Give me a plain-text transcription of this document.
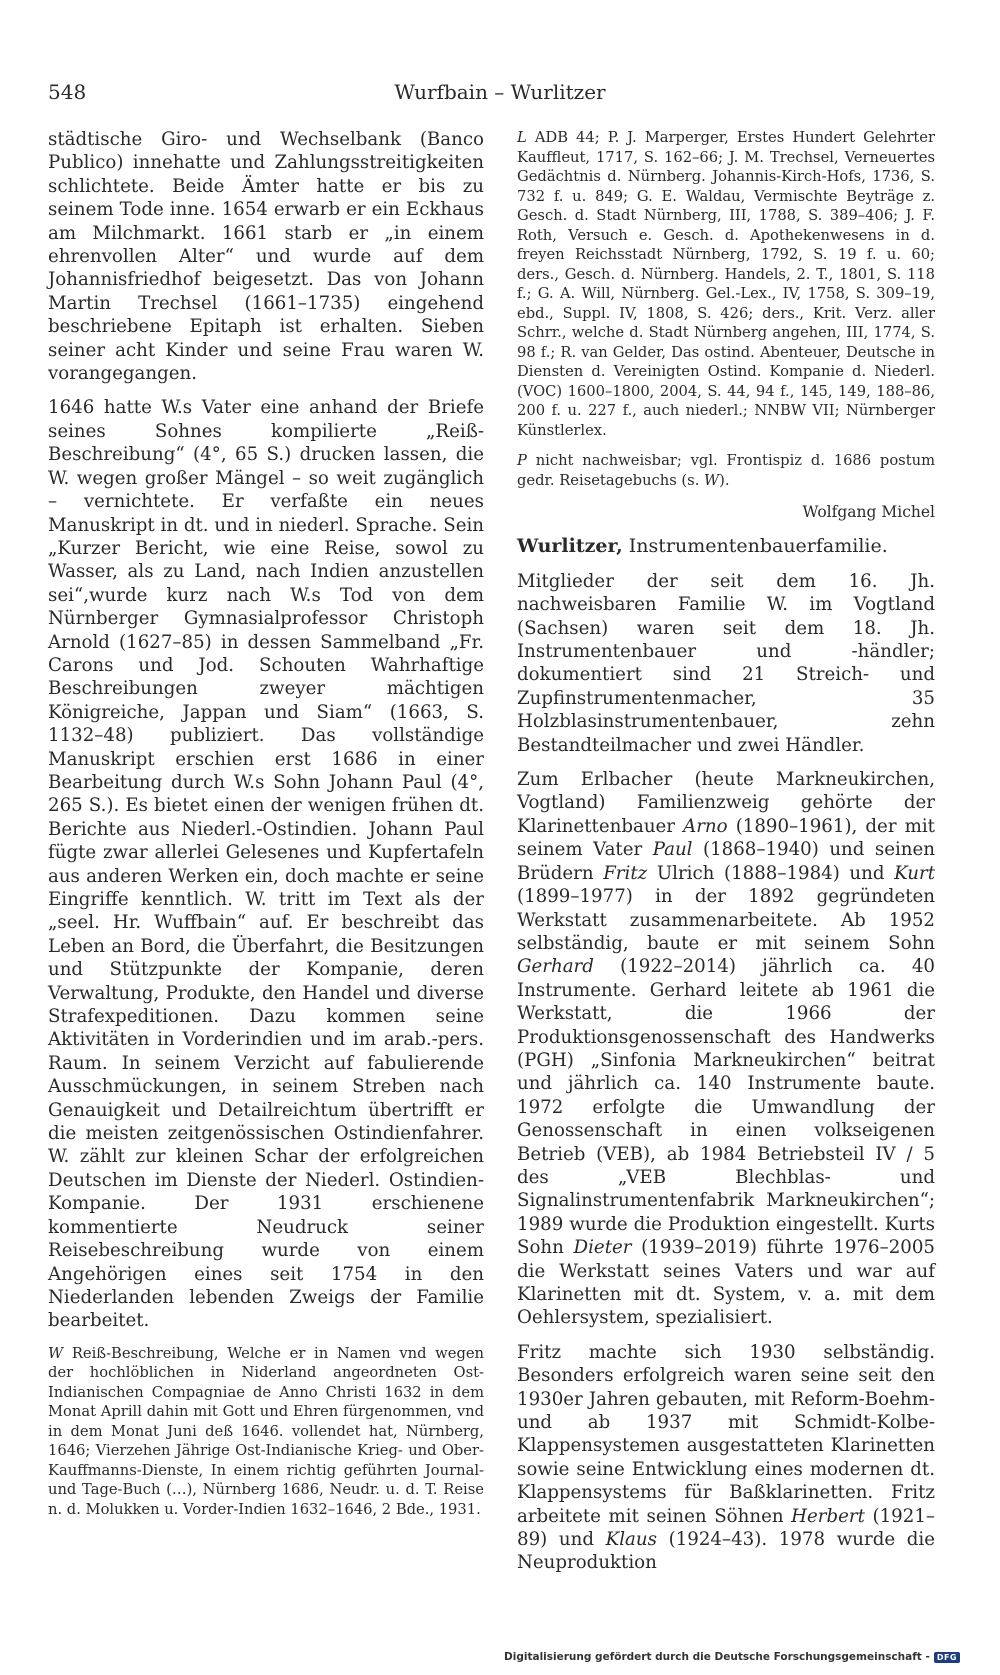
548	Wurfbain – Wurlitzer

städtische Giro- und Wechselbank (Banco Publico) innehatte und Zahlungsstreitigkeiten schlichtete. Beide Ämter hatte er bis zu seinem Tode inne. 1654 erwarb er ein Eckhaus am Milchmarkt. 1661 starb er „in einem ehrenvollen Alter“ und wurde auf dem Johannisfriedhof beigesetzt. Das von Johann Martin Trechsel (1661–1735) eingehend beschriebene Epitaph ist erhalten. Sieben seiner acht Kinder und seine Frau waren W. vorangegangen.

1646 hatte W.s Vater eine anhand der Briefe seines Sohnes kompilierte „Reiß-Beschreibung“ (4°, 65 S.) drucken lassen, die W. wegen großer Mängel – so weit zugänglich – vernichtete. Er verfaßte ein neues Manuskript in dt. und in niederl. Sprache. Sein „Kurzer Bericht, wie eine Reise, sowol zu Wasser, als zu Land, nach Indien anzustellen sei“,wurde kurz nach W.s Tod von dem Nürnberger Gymnasialprofessor Christoph Arnold (1627–85) in dessen Sammelband „Fr. Carons und Jod. Schouten Wahrhaftige Beschreibungen zweyer mächtigen Königreiche, Jappan und Siam“ (1663, S. 1132–48) publiziert. Das vollständige Manuskript erschien erst 1686 in einer Bearbeitung durch W.s Sohn Johann Paul (4°, 265 S.). Es bietet einen der wenigen frühen dt. Berichte aus Niederl.-Ostindien. Johann Paul fügte zwar allerlei Gelesenes und Kupfertafeln aus anderen Werken ein, doch machte er seine Eingriffe kenntlich. W. tritt im Text als der „seel. Hr. Wuffbain“ auf. Er beschreibt das Leben an Bord, die Überfahrt, die Besitzungen und Stützpunkte der Kompanie, deren Verwaltung, Produkte, den Handel und diverse Strafexpeditionen. Dazu kommen seine Aktivitäten in Vorderindien und im arab.-pers. Raum. In seinem Verzicht auf fabulierende Ausschmückungen, in seinem Streben nach Genauigkeit und Detailreichtum übertrifft er die meisten zeitgenössischen Ostindienfahrer. W. zählt zur kleinen Schar der erfolgreichen Deutschen im Dienste der Niederl. Ostindien-Kompanie. Der 1931 erschienene kommentierte Neudruck seiner Reisebeschreibung wurde von einem Angehörigen eines seit 1754 in den Niederlanden lebenden Zweigs der Familie bearbeitet.

W Reiß-Beschreibung, Welche er in Namen vnd wegen der hochlöblichen in Niderland angeordneten Ost-Indianischen Compagniae de Anno Christi 1632 in dem Monat Aprill dahin mit Gott und Ehren fürgenommen, vnd in dem Monat Juni deß 1646. vollendet hat, Nürnberg, 1646; Vierzehen Jährige Ost-Indianische Krieg- und Ober-Kauffmanns-Dienste, In einem richtig geführten Journal- und Tage-Buch (…), Nürnberg 1686, Neudr. u. d. T. Reise n. d. Molukken u. Vorder-Indien 1632–1646, 2 Bde., 1931.

L ADB 44; P. J. Marperger, Erstes Hundert Gelehrter Kauffleut, 1717, S. 162–66; J. M. Trechsel, Verneuertes Gedächtnis d. Nürnberg. Johannis-Kirch-Hofs, 1736, S. 732 f. u. 849; G. E. Waldau, Vermischte Beyträge z. Gesch. d. Stadt Nürnberg, III, 1788, S. 389–406; J. F. Roth, Versuch e. Gesch. d. Apothekenwesens in d. freyen Reichsstadt Nürnberg, 1792, S. 19 f. u. 60; ders., Gesch. d. Nürnberg. Handels, 2. T., 1801, S. 118 f.; G. A. Will, Nürnberg. Gel.-Lex., IV, 1758, S. 309–19, ebd., Suppl. IV, 1808, S. 426; ders., Krit. Verz. aller Schrr., welche d. Stadt Nürnberg angehen, III, 1774, S. 98 f.; R. van Gelder, Das ostind. Abenteuer, Deutsche in Diensten d. Vereinigten Ostind. Kompanie d. Niederl. (VOC) 1600–1800, 2004, S. 44, 94 f., 145, 149, 188–86, 200 f. u. 227 f., auch niederl.; NNBW VII; Nürnberger Künstlerlex.

P nicht nachweisbar; vgl. Frontispiz d. 1686 postum gedr. Reisetagebuchs (s. W).

Wolfgang Michel

Wurlitzer, Instrumentenbauerfamilie.

Mitglieder der seit dem 16. Jh. nachweisbaren Familie W. im Vogtland (Sachsen) waren seit dem 18. Jh. Instrumentenbauer und -händler; dokumentiert sind 21 Streich- und Zupfinstrumentenmacher, 35 Holzblasinstrumentenbauer, zehn Bestandteilmacher und zwei Händler.

Zum Erlbacher (heute Markneukirchen, Vogtland) Familienzweig gehörte der Klarinettenbauer Arno (1890–1961), der mit seinem Vater Paul (1868–1940) und seinen Brüdern Fritz Ulrich (1888–1984) und Kurt (1899–1977) in der 1892 gegründeten Werkstatt zusammenarbeitete. Ab 1952 selbständig, baute er mit seinem Sohn Gerhard (1922–2014) jährlich ca. 40 Instrumente. Gerhard leitete ab 1961 die Werkstatt, die 1966 der Produktionsgenossenschaft des Handwerks (PGH) „Sinfonia Markneukirchen“ beitrat und jährlich ca. 140 Instrumente baute. 1972 erfolgte die Umwandlung der Genossenschaft in einen volkseigenen Betrieb (VEB), ab 1984 Betriebsteil IV / 5 des „VEB Blechblas- und Signalinstrumentenfabrik Markneukirchen“; 1989 wurde die Produktion eingestellt. Kurts Sohn Dieter (1939–2019) führte 1976–2005 die Werkstatt seines Vaters und war auf Klarinetten mit dt. System, v. a. mit dem Oehlersystem, spezialisiert.

Fritz machte sich 1930 selbständig. Besonders erfolgreich waren seine seit den 1930er Jahren gebauten, mit Reform-Boehm- und ab 1937 mit Schmidt-Kolbe-Klappensystemen ausgestatteten Klarinetten sowie seine Entwicklung eines modernen dt. Klappensystems für Baßklarinetten. Fritz arbeitete mit seinen Söhnen Herbert (1921–89) und Klaus (1924–43). 1978 wurde die Neuproduktion

Digitalisierung gefördert durch die Deutsche Forschungsgemeinschaft - DFG
